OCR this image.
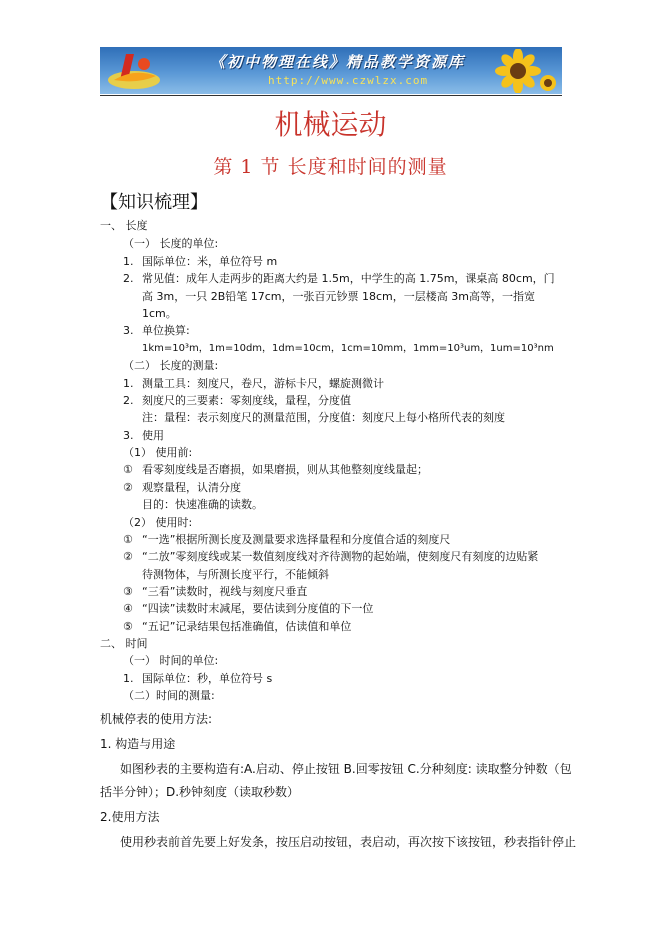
《初中物理在线》精品教学资源库
http://www.czwlzx.com
机械运动
第 1 节 长度和时间的测量
【知识梳理】
一、 长度
（一） 长度的单位:
1. 国际单位：米，单位符号 m
2. 常见值：成年人走两步的距离大约是 1.5m，中学生的高 1.75m，课桌高 80cm，门
高 3m，一只 2B铅笔 17cm，一张百元钞票 18cm，一层楼高 3m高等，一指宽
1cm。
3. 单位换算:
1km=10³m，1m=10dm，1dm=10cm，1cm=10mm，1mm=10³um，1um=10³nm
（二） 长度的测量:
1. 测量工具：刻度尺，卷尺，游标卡尺，螺旋测微计
2. 刻度尺的三要素：零刻度线，量程，分度值
注：量程：表示刻度尺的测量范围，分度值：刻度尺上每小格所代表的刻度
3. 使用
（1） 使用前:
① 看零刻度线是否磨损，如果磨损，则从其他整刻度线量起；
② 观察量程，认清分度
目的：快速准确的读数。
（2） 使用时:
① “一选”根据所测长度及测量要求选择量程和分度值合适的刻度尺
② “二放”零刻度线或某一数值刻度线对齐待测物的起始端，使刻度尺有刻度的边贴紧
待测物体，与所测长度平行，不能倾斜
③ “三看”读数时，视线与刻度尺垂直
④ “四读”读数时末减尾，要估读到分度值的下一位
⑤ “五记”记录结果包括准确值，估读值和单位
二、 时间
（一） 时间的单位:
1. 国际单位：秒，单位符号 s
（二）时间的测量:
机械停表的使用方法:
1. 构造与用途
如图秒表的主要构造有:A.启动、停止按钮 B.回零按钮 C.分种刻度: 读取整分钟数（包
括半分钟）；D.秒钟刻度（读取秒数）
2.使用方法
使用秒表前首先要上好发条，按压启动按钮，表启动，再次按下该按钮，秒表指针停止
